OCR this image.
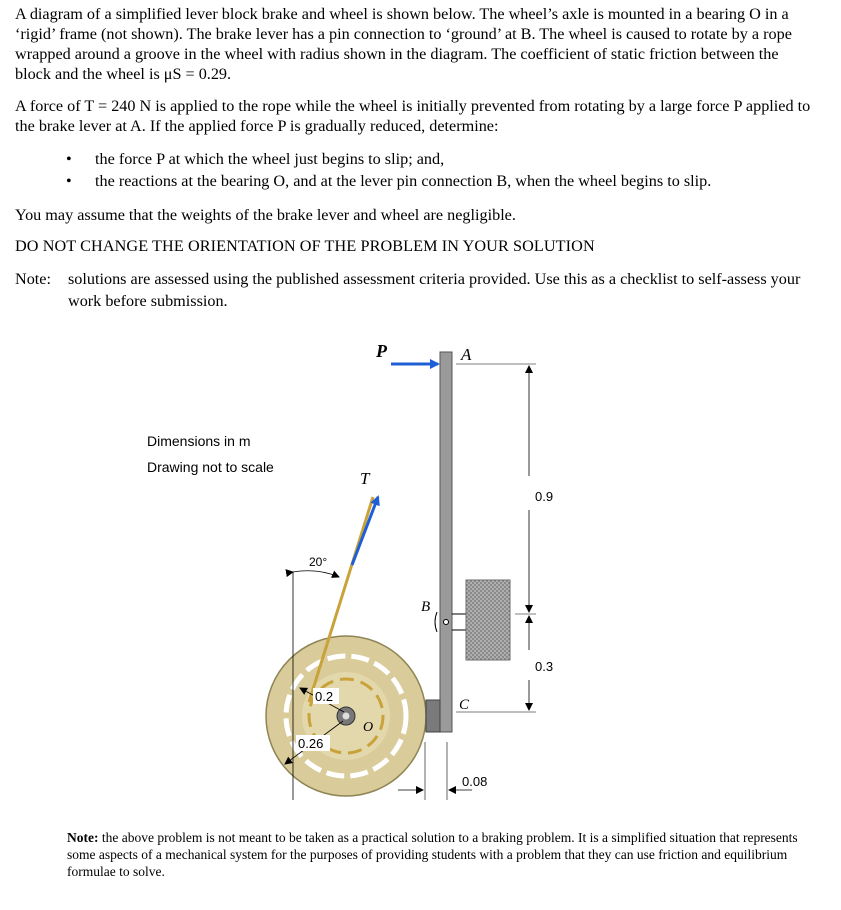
A diagram of a simplified lever block brake and wheel is shown below. The wheel’s axle is mounted in a bearing O in a ‘rigid’ frame (not shown). The brake lever has a pin connection to ‘ground’ at B. The wheel is caused to rotate by a rope wrapped around a groove in the wheel with radius shown in the diagram. The coefficient of static friction between the block and the wheel is μS = 0.29.
A force of T = 240 N is applied to the rope while the wheel is initially prevented from rotating by a large force P applied to the brake lever at A. If the applied force P is gradually reduced, determine:
• the force P at which the wheel just begins to slip; and,
• the reactions at the bearing O, and at the lever pin connection B, when the wheel begins to slip.
You may assume that the weights of the brake lever and wheel are negligible.
DO NOT CHANGE THE ORIENTATION OF THE PROBLEM IN YOUR SOLUTION
Note: solutions are assessed using the published assessment criteria provided. Use this as a checklist to self-assess your work before submission.
Dimensions in m
Drawing not to scale
T
20°
0.2
0.26
O
C
P	A
B
0.9
0.3
0.08
Note: the above problem is not meant to be taken as a practical solution to a braking problem. It is a simplified situation that represents some aspects of a mechanical system for the purposes of providing students with a problem that they can use friction and equilibrium formulae to solve.
